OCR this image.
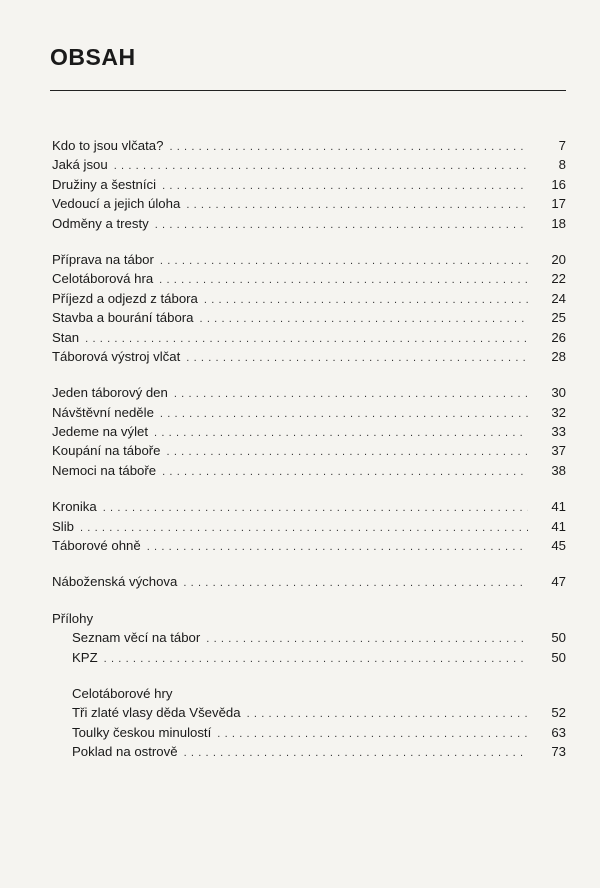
OBSAH
Kdo to jsou vlčata? . . .	7
Jaká jsou . . .	8
Družiny a šestníci . . .	16
Vedoucí a jejich úloha . . .	17
Odměny a tresty . . .	18
Příprava na tábor . . .	20
Celotáborová hra . . .	22
Příjezd a odjezd z tábora . . .	24
Stavba a bourání tábora . . .	25
Stan . . .	26
Táborová výstroj vlčat . . .	28
Jeden táborový den . . .	30
Návštěvní neděle . . .	32
Jedeme na výlet . . .	33
Koupání na táboře . . .	37
Nemoci na táboře . . .	38
Kronika . . .	41
Slib . . .	41
Táborové ohně . . .	45
Náboženská výchova . . .	47
Přílohy
Seznam věcí na tábor . . .	50
KPZ . . .	50
Celotáborové hry
Tři zlaté vlasy děda Vševěda . . .	52
Toulky českou minulostí . . .	63
Poklad na ostrově . . .	73
